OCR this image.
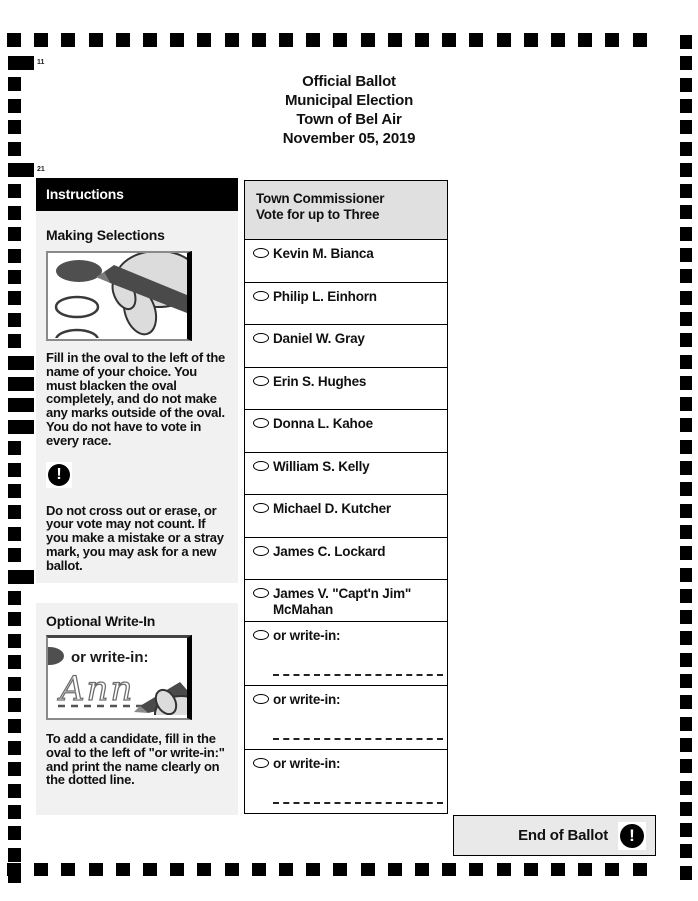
11
21
Official Ballot
Municipal Election
Town of Bel Air
November 05, 2019
Instructions
Making Selections

Fill in the oval to the left of the name of your choice. You must blacken the oval completely, and do not make any marks outside of the oval. You do not have to vote in every race.

!

Do not cross out or erase, or your vote may not count. If you make a mistake or a stray mark, you may ask for a new ballot.

Optional Write-In
or write-in:
Ann

To add a candidate, fill in the oval to the left of "or write-in:" and print the name clearly on the dotted line.

Town Commissioner
Vote for up to Three
Kevin M. Bianca
Philip L. Einhorn
Daniel W. Gray
Erin S. Hughes
Donna L. Kahoe
William S. Kelly
Michael D. Kutcher
James C. Lockard
James V. "Capt'n Jim" McMahan
or write-in:
or write-in:
or write-in:
End of Ballot
!
